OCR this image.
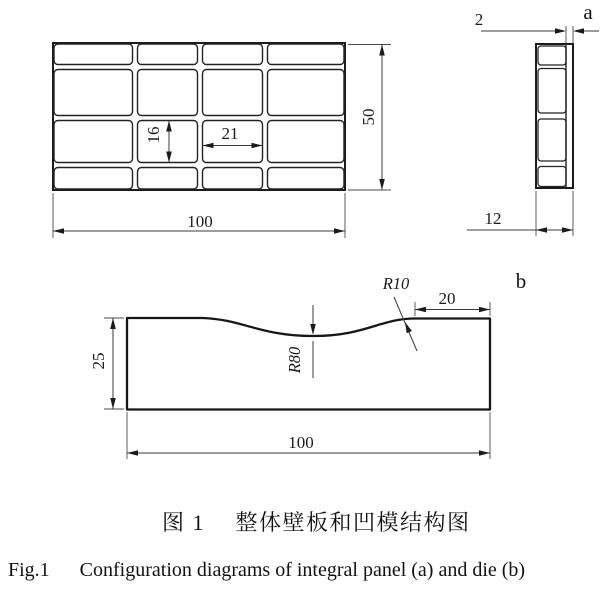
16	21
50
100
2
12
a
25
20
R80
R10
100
b
图 1　 整体壁板和凹模结构图
Fig.1      Configuration diagrams of integral panel (a) and die (b)
